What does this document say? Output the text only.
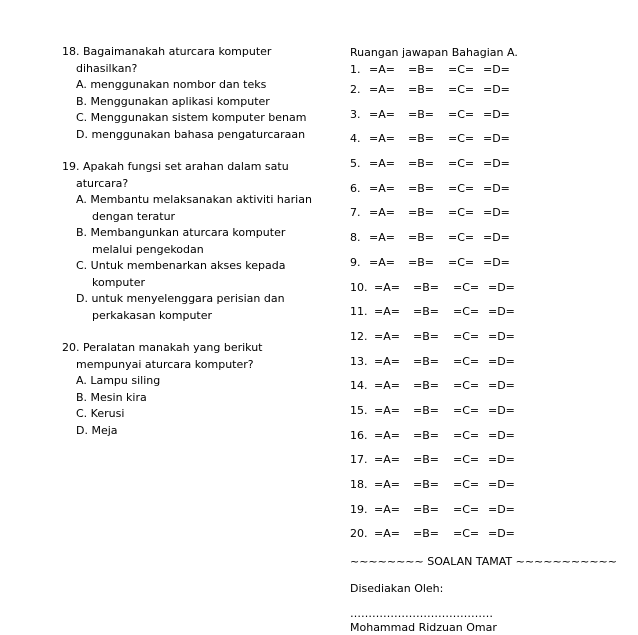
18. Bagaimanakah aturcara komputer
dihasilkan?
A. menggunakan nombor dan teks
B. Menggunakan aplikasi komputer
C. Menggunakan sistem komputer benam
D. menggunakan bahasa pengaturcaraan
19. Apakah fungsi set arahan dalam satu
aturcara?
A. Membantu melaksanakan aktiviti harian
dengan teratur
B. Membangunkan aturcara komputer
melalui pengekodan
C. Untuk membenarkan akses kepada
komputer
D. untuk menyelenggara perisian dan
perkakasan komputer
20. Peralatan manakah yang berikut
mempunyai aturcara komputer?
A. Lampu siling
B. Mesin kira
C. Kerusi
D. Meja
Ruangan jawapan Bahagian A.
1. =A= =B= =C= =D=
2. =A= =B= =C= =D=
3. =A= =B= =C= =D=
4. =A= =B= =C= =D=
5. =A= =B= =C= =D=
6. =A= =B= =C= =D=
7. =A= =B= =C= =D=
8. =A= =B= =C= =D=
9. =A= =B= =C= =D=
10. =A= =B= =C= =D=
11. =A= =B= =C= =D=
12. =A= =B= =C= =D=
13. =A= =B= =C= =D=
14. =A= =B= =C= =D=
15. =A= =B= =C= =D=
16. =A= =B= =C= =D=
17. =A= =B= =C= =D=
18. =A= =B= =C= =D=
19. =A= =B= =C= =D=
20. =A= =B= =C= =D=
~~~~~~~~ SOALAN TAMAT ~~~~~~~~~~~
Disediakan Oleh:
…………………………………
Mohammad Ridzuan Omar
